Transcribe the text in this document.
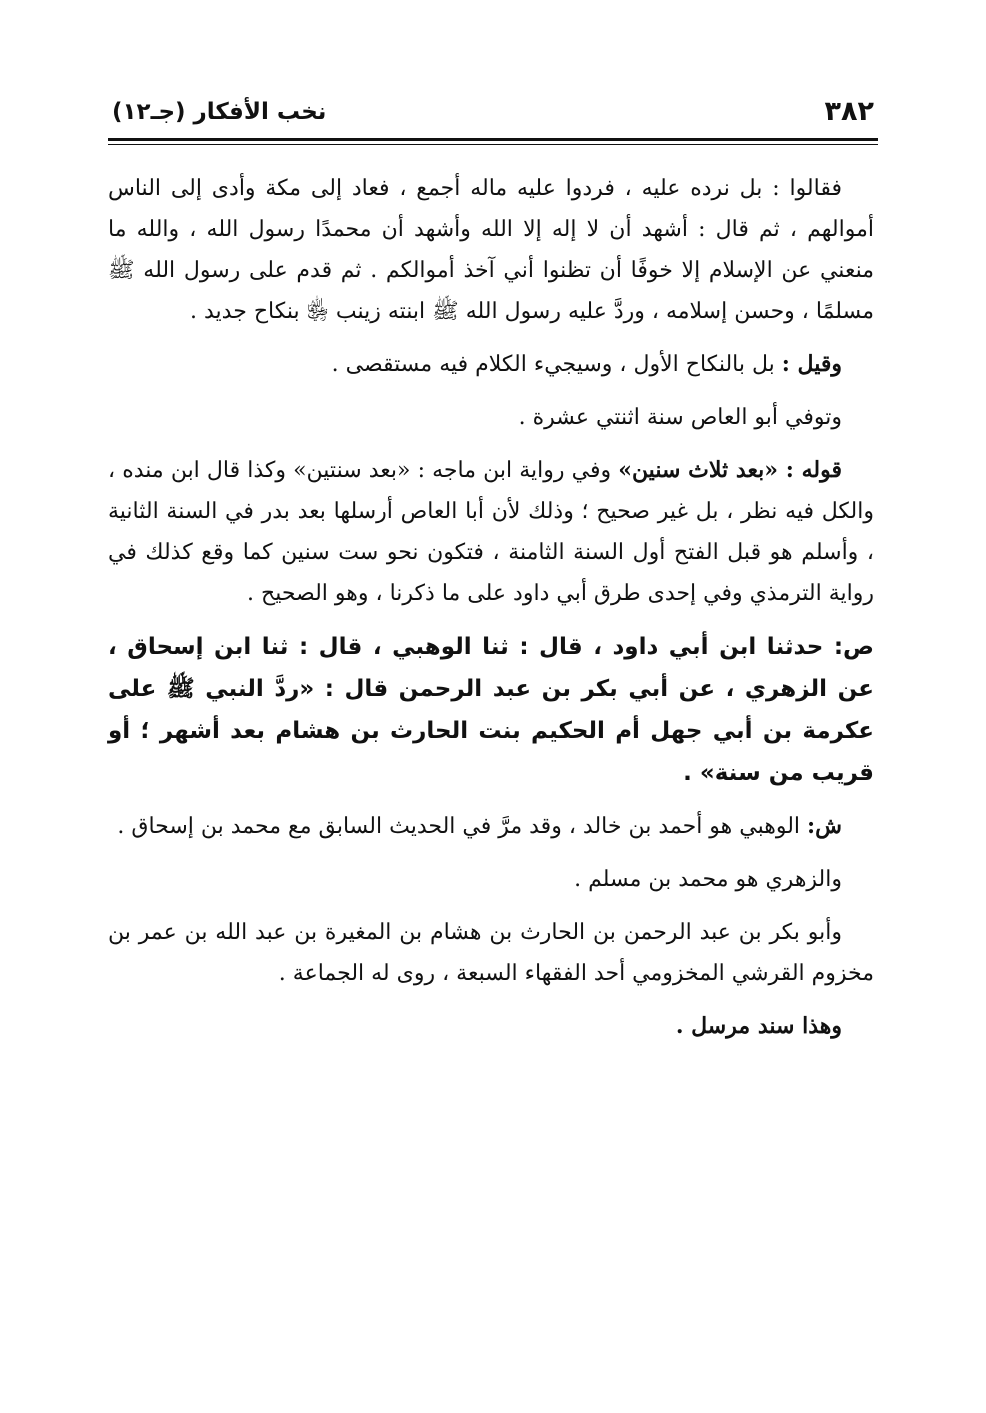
٣٨٢
نخب الأفكار (جـ١٢)

فقالوا : بل نرده عليه ، فردوا عليه ماله أجمع ، فعاد إلى مكة وأدى إلى الناس أموالهم ، ثم قال : أشهد أن لا إله إلا الله وأشهد أن محمدًا رسول الله ، والله ما منعني عن الإسلام إلا خوفًا أن تظنوا أني آخذ أموالكم . ثم قدم على رسول الله ﷺ مسلمًا ، وحسن إسلامه ، وردَّ عليه رسول الله ﷺ ابنته زينب ﵂ بنكاح جديد .

وقيل : بل بالنكاح الأول ، وسيجيء الكلام فيه مستقصى .

وتوفي أبو العاص سنة اثنتي عشرة .

قوله : «بعد ثلاث سنين» وفي رواية ابن ماجه : «بعد سنتين» وكذا قال ابن منده ، والكل فيه نظر ، بل غير صحيح ؛ وذلك لأن أبا العاص أرسلها بعد بدر في السنة الثانية ، وأسلم هو قبل الفتح أول السنة الثامنة ، فتكون نحو ست سنين كما وقع كذلك في رواية الترمذي وفي إحدى طرق أبي داود على ما ذكرنا ، وهو الصحيح .

ص: حدثنا ابن أبي داود ، قال : ثنا الوهبي ، قال : ثنا ابن إسحاق ، عن الزهري ، عن أبي بكر بن عبد الرحمن قال : «ردَّ النبي ﷺ على عكرمة بن أبي جهل أم الحكيم بنت الحارث بن هشام بعد أشهر ؛ أو قريب من سنة» .

ش: الوهبي هو أحمد بن خالد ، وقد مرَّ في الحديث السابق مع محمد بن إسحاق .

والزهري هو محمد بن مسلم .

وأبو بكر بن عبد الرحمن بن الحارث بن هشام بن المغيرة بن عبد الله بن عمر بن مخزوم القرشي المخزومي أحد الفقهاء السبعة ، روى له الجماعة .

وهذا سند مرسل .
